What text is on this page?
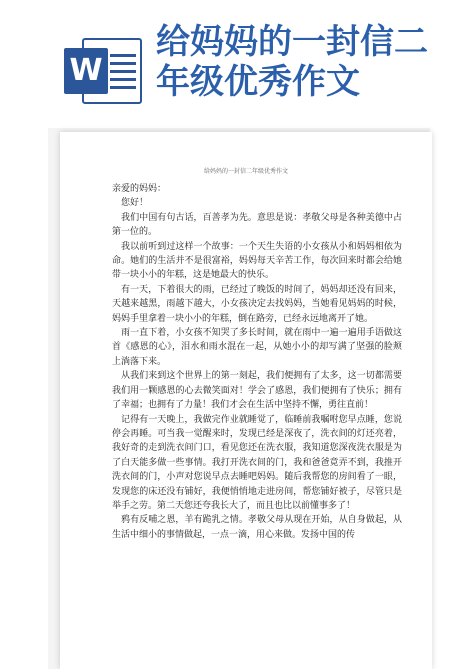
W
给妈妈的一封信二年级优秀作文
给妈妈的一封信二年级优秀作文

亲爱的妈妈：

您好！

我们中国有句古话，百善孝为先。意思是说：孝敬父母是各种美德中占第一位的。

我以前听到过这样一个故事：一个天生失语的小女孩从小和妈妈相依为命。她们的生活并不是很富裕，妈妈每天辛苦工作，每次回来时都会给她带一块小小的年糕，这是她最大的快乐。

有一天，下着很大的雨，已经过了晚饭的时间了，妈妈却还没有回来，天越来越黑，雨越下越大，小女孩决定去找妈妈，当她看见妈妈的时候，妈妈手里拿着一块小小的年糕，倒在路旁，已经永远地离开了她。

雨一直下着，小女孩不知哭了多长时间，就在雨中一遍一遍用手语做这首《感恩的心》，泪水和雨水混在一起，从她小小的却写满了坚强的脸颊上淌落下来。

从我们来到这个世界上的第一刻起，我们便拥有了太多，这一切都需要我们用一颗感恩的心去微笑面对！学会了感恩，我们便拥有了快乐；拥有了幸福；也拥有了力量！我们才会在生活中坚持不懈，勇往直前！

记得有一天晚上，我做完作业就睡觉了，临睡前我嘱咐您早点睡，您说停会再睡。可当我一觉醒来时，发现已经是深夜了，洗衣间的灯还亮着，我好奇的走到洗衣间门口，看见您还在洗衣服，我知道您深夜洗衣服是为了白天能多做一些事情。我打开洗衣间的门，我和爸爸竟弄不到，我推开洗衣间的门，小声对您说早点去睡吧妈妈。随后我帮您的房间看了一眼，发现您的床还没有铺好，我便悄悄地走进房间，帮您铺好被子，尽管只是举手之劳。第二天您还夸我长大了，而且也比以前懂事多了！

鸦有反哺之恩，羊有跪乳之情。孝敬父母从现在开始，从自身做起，从生活中细小的事情做起，一点一滴，用心来做。发扬中国的传
